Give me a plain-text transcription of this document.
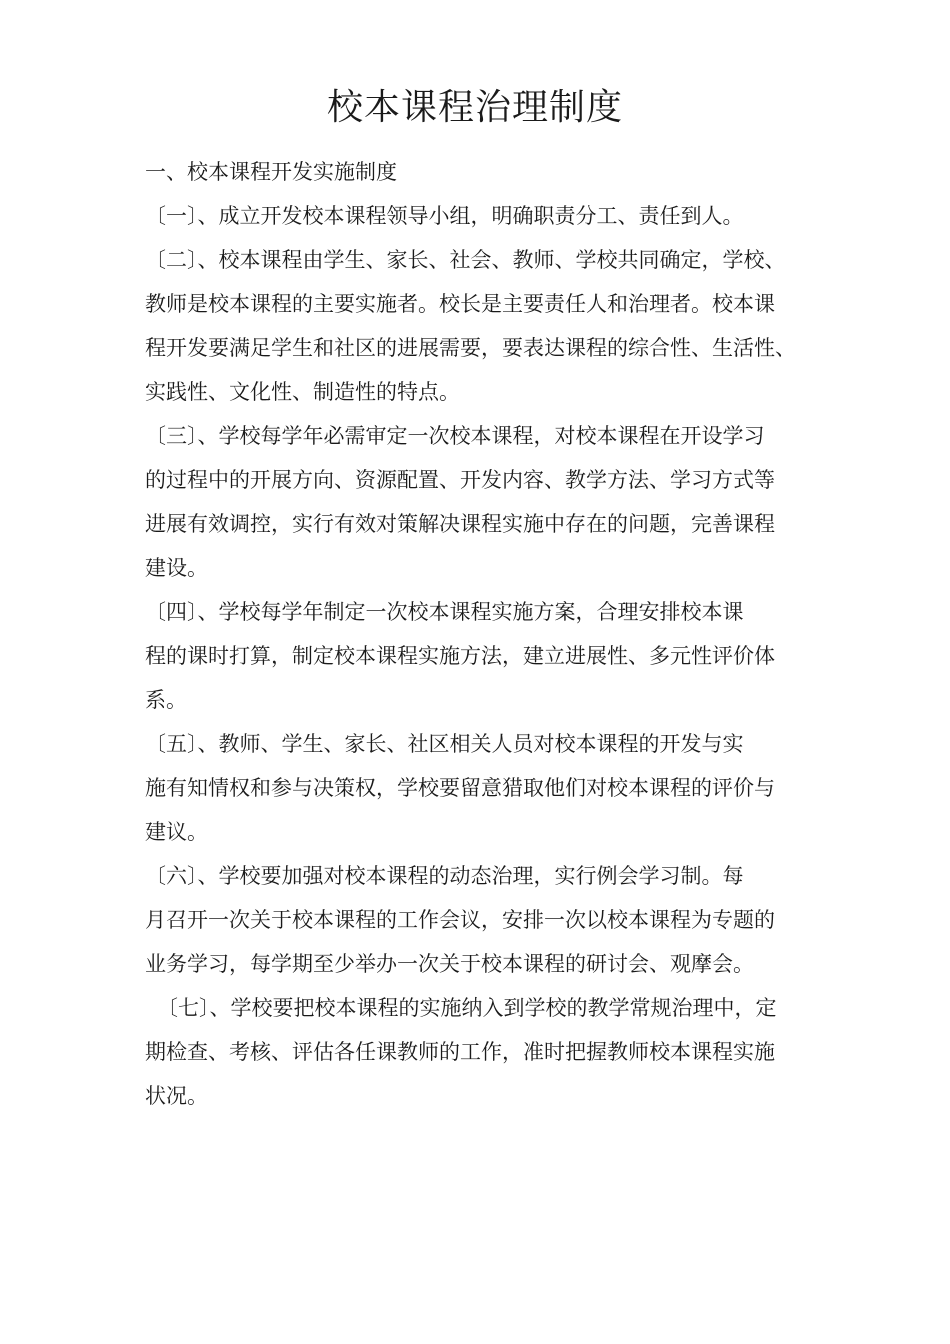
校本课程治理制度
一、校本课程开发实施制度
〔一〕、成立开发校本课程领导小组，明确职责分工、责任到人。
〔二〕、校本课程由学生、家长、社会、教师、学校共同确定，学校、
教师是校本课程的主要实施者。校长是主要责任人和治理者。校本课
程开发要满足学生和社区的进展需要，要表达课程的综合性、生活性、
实践性、文化性、制造性的特点。
〔三〕、学校每学年必需审定一次校本课程，对校本课程在开设学习
的过程中的开展方向、资源配置、开发内容、教学方法、学习方式等
进展有效调控，实行有效对策解决课程实施中存在的问题，完善课程
建设。
〔四〕、学校每学年制定一次校本课程实施方案，合理安排校本课
程的课时打算，制定校本课程实施方法，建立进展性、多元性评价体
系。
〔五〕、教师、学生、家长、社区相关人员对校本课程的开发与实
施有知情权和参与决策权，学校要留意猎取他们对校本课程的评价与
建议。
〔六〕、学校要加强对校本课程的动态治理，实行例会学习制。每
月召开一次关于校本课程的工作会议，安排一次以校本课程为专题的
业务学习，每学期至少举办一次关于校本课程的研讨会、观摩会。
〔七〕、学校要把校本课程的实施纳入到学校的教学常规治理中，定
期检查、考核、评估各任课教师的工作，准时把握教师校本课程实施
状况。
